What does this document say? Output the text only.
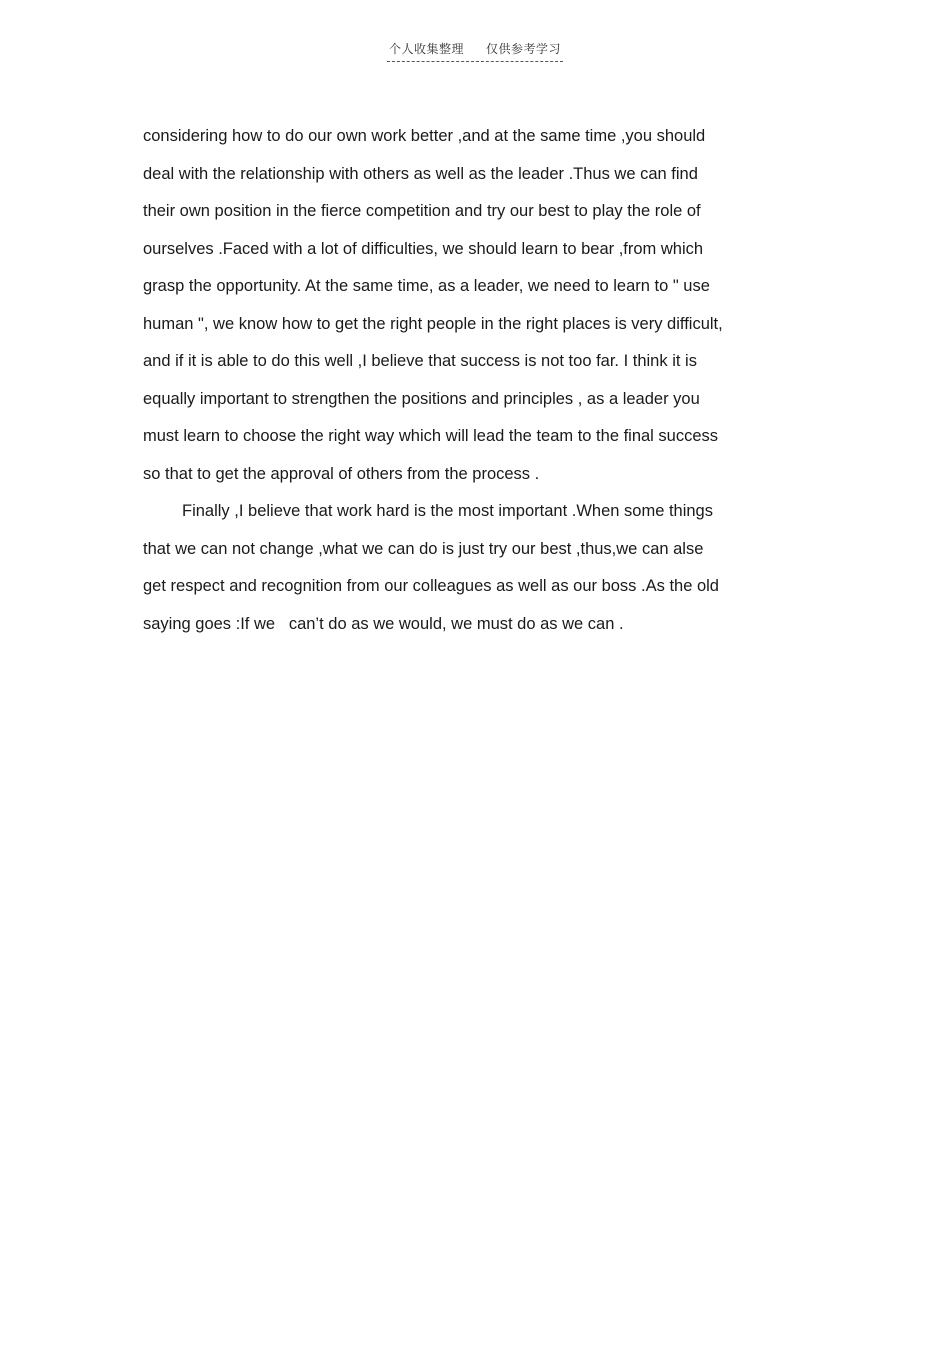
个人收集整理 仅供参考学习

considering how to do our own work better ,and at the same time ,you should
deal with the relationship with others as well as the leader .Thus we can find
their own position in the fierce competition and try our best to play the role of
ourselves .Faced with a lot of difficulties, we should learn to bear ,from which
grasp the opportunity. At the same time, as a leader, we need to learn to " use
human ", we know how to get the right people in the right places is very difficult,
and if it is able to do this well ,I believe that success is not too far. I think it is
equally important to strengthen the positions and principles , as a leader you
must learn to choose the right way which will lead the team to the final success
so that to get the approval of others from the process .

Finally ,I believe that work hard is the most important .When some things
that we can not change ,what we can do is just try our best ,thus,we can alse
get respect and recognition from our colleagues as well as our boss .As the old
saying goes :If we   can’t do as we would, we must do as we can .
